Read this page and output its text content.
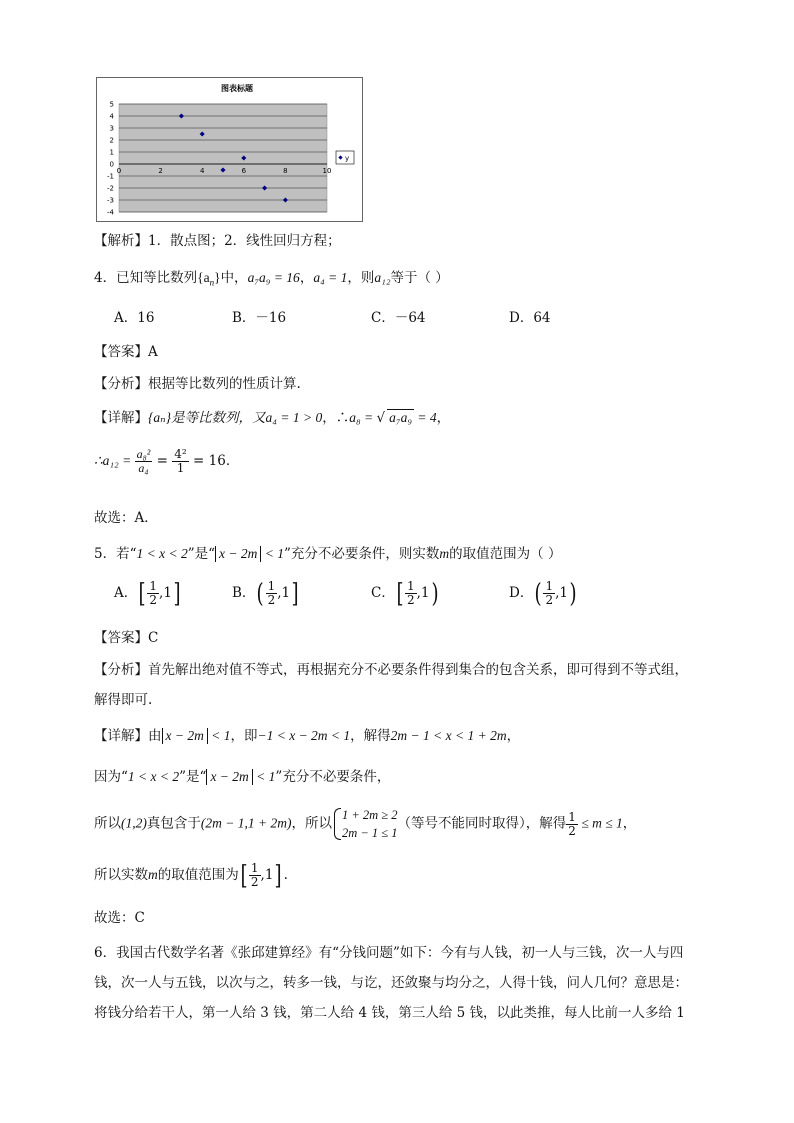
图表标题
5
4
3
2
1
0
-1
-2
-3
-4
0	2	4	6	8	10
y
【解析】1．散点图；2．线性回归方程；
4．已知等比数列$\{a_n\}$中，a₇a₉ = 16，a₄ = 1，则a₁₂等于（ ）
A．16	B．－16	C．－64	D．64
【答案】A
【分析】根据等比数列的性质计算.
【详解】{aₙ}是等比数列，又a₄ = 1 > 0，∴a₈ = √ a₇a₉ = 4，
∴a₁₂ = $\frac{\text{a₈²}}{\text{a₄}} = \frac{\text{4²}}{1} = 16$．
故选：A．
5．若“1 < x < 2”是“ x − 2m < 1”充分不必要条件，则实数m的取值范围为（ ）
A．[ $\frac{1}{2} ,1$]	B．( $\frac{1}{2} ,1$]	C．[ $\frac{1}{2} ,1$)	D．( $\frac{1}{2} ,1$)
【答案】C
【分析】首先解出绝对值不等式，再根据充分不必要条件得到集合的包含关系，即可得到不等式组，
解得即可.
【详解】由 x − 2m < 1，即−1 < x − 2m < 1，解得2m − 1 < x < 1 + 2m，
因为“1 < x < 2”是“ x − 2m < 1”充分不必要条件，
所以(1,2)真包含于(2m − 1,1 + 2m)，所以
1 + 2m ≥ 2
2m − 1 ≤ 1
（等号不能同时取得），解得 $\frac{1}{2} \le m \le 1$，
所以实数m的取值范围为[ $\frac{1}{2} ,1$] .
故选：C
6．我国古代数学名著《张邱建算经》有“分钱问题”如下：今有与人钱，初一人与三钱，次一人与四
钱，次一人与五钱，以次与之，转多一钱，与讫，还敛聚与均分之，人得十钱，问人几何？意思是：
将钱分给若干人，第一人给 3 钱，第二人给 4 钱，第三人给 5 钱，以此类推，每人比前一人多给 1
